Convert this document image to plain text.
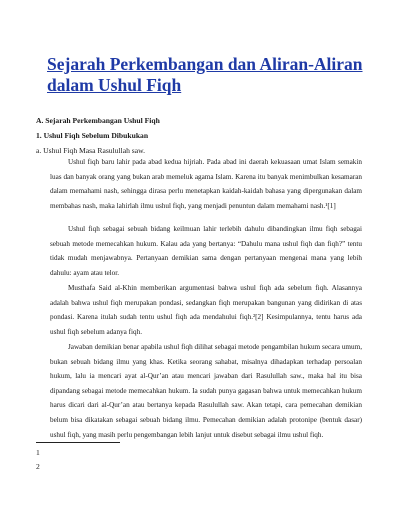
Sejarah Perkembangan dan Aliran-Aliran dalam Ushul Fiqh

A. Sejarah Perkembangan Ushul Fiqh

1. Ushul Fiqh Sebelum Dibukukan

a. Ushul Fiqh Masa Rasulullah saw.

Ushul fiqh baru lahir pada abad kedua hijriah. Pada abad ini daerah kekuasaan umat Islam semakin luas dan banyak orang yang bukan arab memeluk agama Islam. Karena itu banyak menimbulkan kesamaran dalam memahami nash, sehingga dirasa perlu menetapkan kaidah-kaidah bahasa yang dipergunakan dalam membahas nash, maka lahirlah ilmu ushul fiqh, yang menjadi penuntun dalam memahami nash.¹[1]

Ushul fiqh sebagai sebuah bidang keilmuan lahir terlebih dahulu dibandingkan ilmu fiqh sebagai sebuah metode memecahkan hukum. Kalau ada yang bertanya: “Dahulu mana ushul fiqh dan fiqh?” tentu tidak mudah menjawabnya. Pertanyaan demikian sama dengan pertanyaan mengenai mana yang lebih dahulu: ayam atau telor.

Musthafa Said al-Khin memberikan argumentasi bahwa ushul fiqh ada sebelum fiqh. Alasannya adalah bahwa ushul fiqh merupakan pondasi, sedangkan fiqh merupakan bangunan yang didirikan di atas pondasi. Karena itulah sudah tentu ushul fiqh ada mendahului fiqh.²[2] Kesimpulannya, tentu harus ada ushul fiqh sebelum adanya fiqh.

Jawaban demikian benar apabila ushul fiqh dilihat sebagai metode pengambilan hukum secara umum, bukan sebuah bidang ilmu yang khas. Ketika seorang sahabat, misalnya dihadapkan terhadap persoalan hukum, lalu ia mencari ayat al-Qur’an atau mencari jawaban dari Rasulullah saw., maka hal itu bisa dipandang sebagai metode memecahkan hukum. Ia sudah punya gagasan bahwa untuk memecahkan hukum harus dicari dari al-Qur’an atau bertanya kepada Rasulullah saw. Akan tetapi, cara pemecahan demikian belum bisa dikatakan sebagai sebuah bidang ilmu. Pemecahan demikian adalah protonipe (bentuk dasar) ushul fiqh, yang masih perlu pengembangan lebih lanjut untuk disebut sebagai ilmu ushul fiqh.

1

2
